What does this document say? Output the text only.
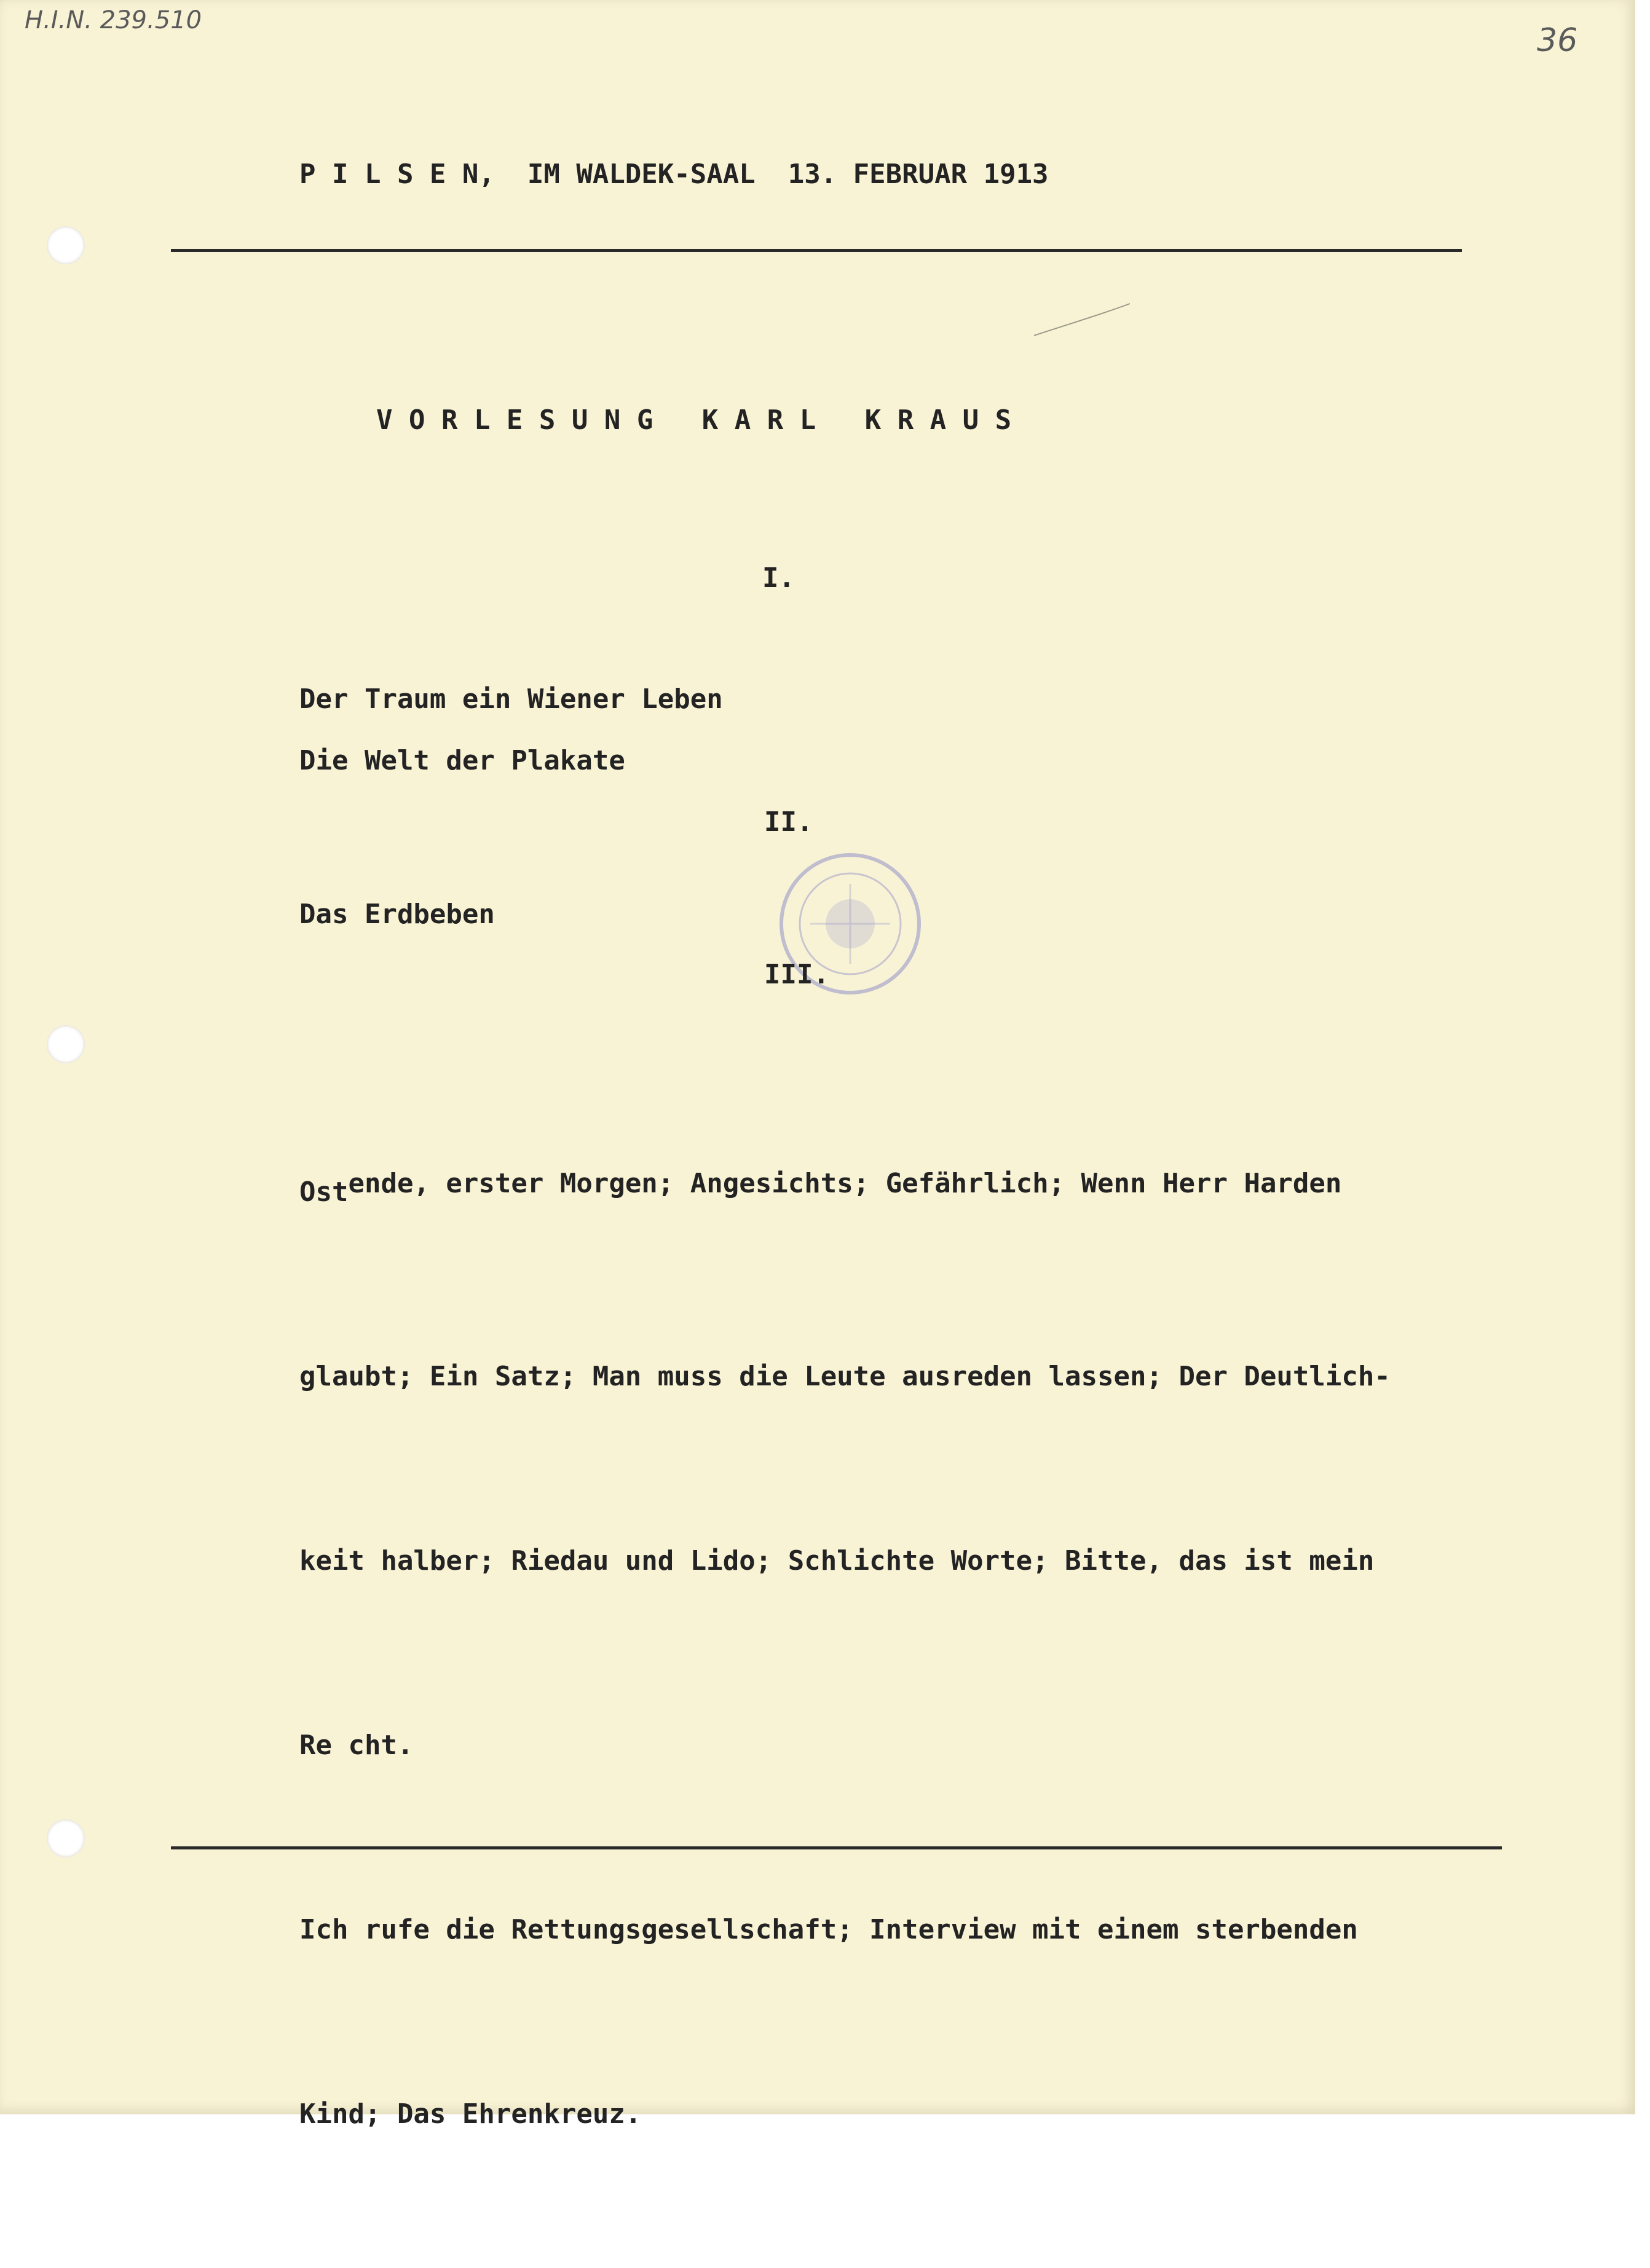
H.I.N. 239.510
36
P I L S E N,  IM WALDEK-SAAL  13. FEBRUAR 1913
V O R L E S U N G   K A R L   K R A U S
I.
Der Traum ein Wiener Leben
Die Welt der Plakate
II.
Das Erdbeben
III.

Ostende, erster Morgen; Angesichts; Gefährlich; Wenn Herr Harden

glaubt; Ein Satz; Man muss die Leute ausreden lassen; Der Deutlich-

keit halber; Riedau und Lido; Schlichte Worte; Bitte, das ist mein

Re cht.

Ich rufe die Rettungsgesellschaft; Interview mit einem sterbenden

Kind; Das Ehrenkreuz.
